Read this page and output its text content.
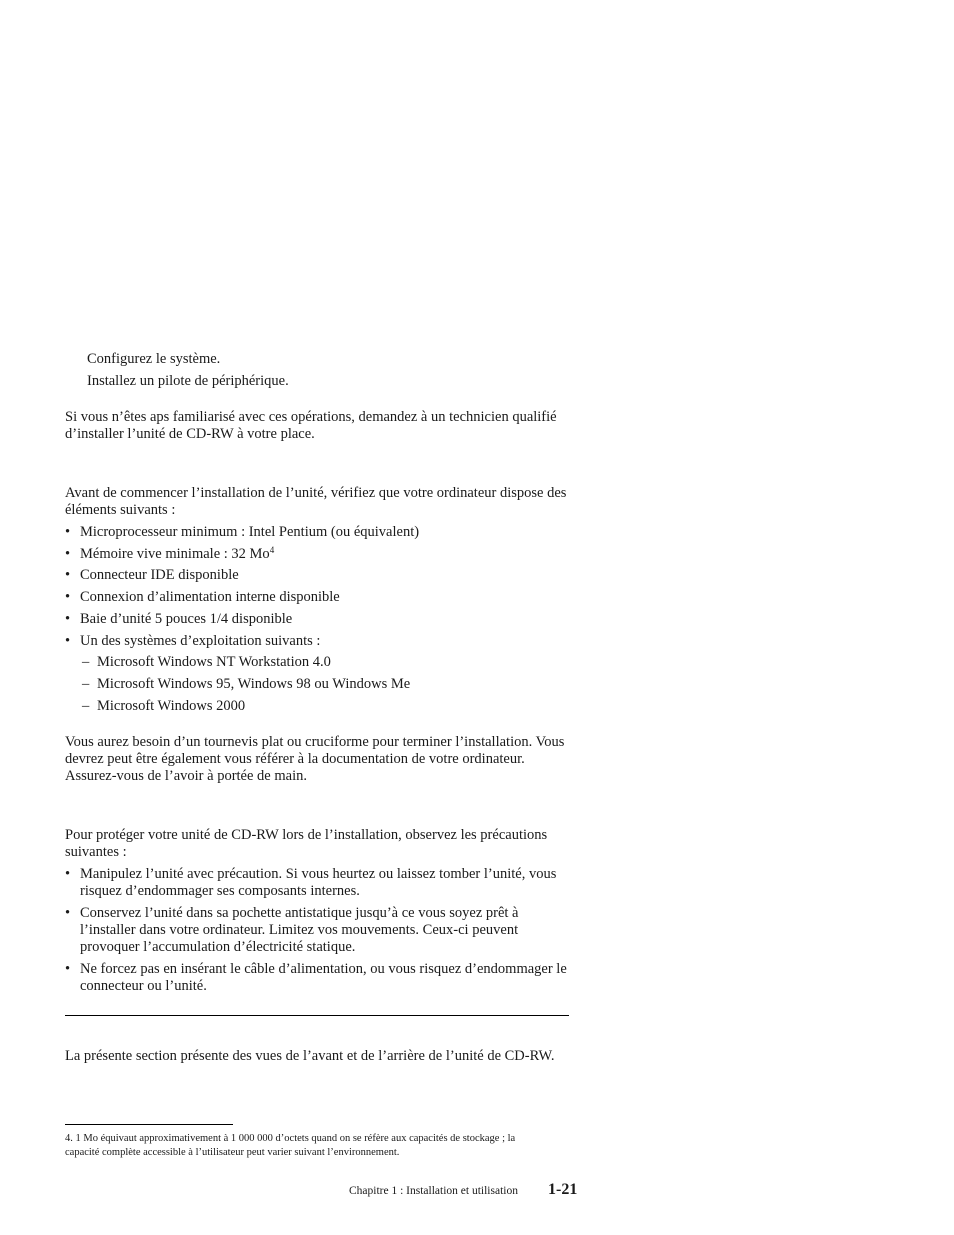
Configurez le système.
Installez un pilote de périphérique.

Si vous n’êtes aps familiarisé avec ces opérations, demandez à un technicien qualifié d’installer l’unité de CD-RW à votre place.

Avant de commencer l’installation de l’unité, vérifiez que votre ordinateur dispose des éléments suivants :

• Microprocesseur minimum : Intel Pentium (ou équivalent)
• Mémoire vive minimale : 32 Mo$^4$
• Connecteur IDE disponible
• Connexion d’alimentation interne disponible
• Baie d’unité 5 pouces 1/4 disponible
• Un des systèmes d’exploitation suivants :
– Microsoft Windows NT Workstation 4.0
– Microsoft Windows 95, Windows 98 ou Windows Me
– Microsoft Windows 2000

Vous aurez besoin d’un tournevis plat ou cruciforme pour terminer l’installation. Vous devrez peut être également vous référer à la documentation de votre ordinateur. Assurez-vous de l’avoir à portée de main.

Pour protéger votre unité de CD-RW lors de l’installation, observez les précautions suivantes :

• Manipulez l’unité avec précaution. Si vous heurtez ou laissez tomber l’unité, vous risquez d’endommager ses composants internes.
• Conservez l’unité dans sa pochette antistatique jusqu’à ce vous soyez prêt à l’installer dans votre ordinateur. Limitez vos mouvements. Ceux-ci peuvent provoquer l’accumulation d’électricité statique.
• Ne forcez pas en insérant le câble d’alimentation, ou vous risquez d’endommager le connecteur ou l’unité.

La présente section présente des vues de l’avant et de l’arrière de l’unité de CD-RW.

4. 1 Mo équivaut approximativement à 1 000 000 d’octets quand on se réfère aux capacités de stockage ; la capacité complète accessible à l’utilisateur peut varier suivant l’environnement.
Chapitre 1 : Installation et utilisation 1-21
